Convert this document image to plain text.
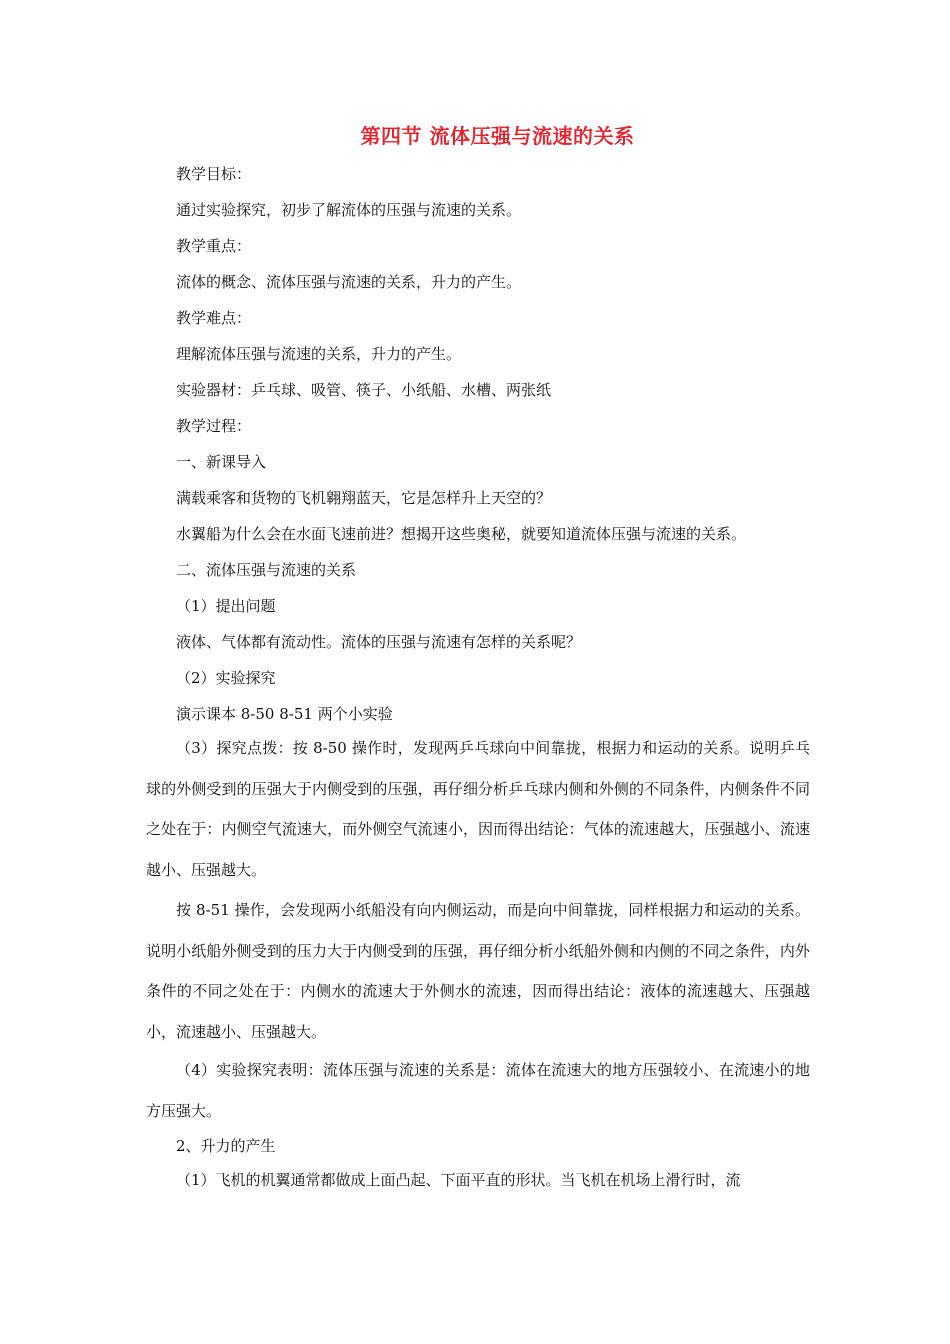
第四节 流体压强与流速的关系
教学目标：
通过实验探究，初步了解流体的压强与流速的关系。
教学重点：
流体的概念、流体压强与流速的关系，升力的产生。
教学难点：
理解流体压强与流速的关系，升力的产生。
实验器材：乒乓球、吸管、筷子、小纸船、水槽、两张纸
教学过程：
一、新课导入
满载乘客和货物的飞机翱翔蓝天，它是怎样升上天空的？
水翼船为什么会在水面飞速前进？想揭开这些奥秘，就要知道流体压强与流速的关系。
二、流体压强与流速的关系
（1）提出问题
液体、气体都有流动性。流体的压强与流速有怎样的关系呢？
（2）实验探究
演示课本 8-50 8-51 两个小实验

（3）探究点拨：按 8-50 操作时，发现两乒乓球向中间靠拢，根据力和运动的关系。说明乒乓球的外侧受到的压强大于内侧受到的压强，再仔细分析乒乓球内侧和外侧的不同条件，内侧条件不同之处在于：内侧空气流速大，而外侧空气流速小，因而得出结论：气体的流速越大，压强越小、流速越小、压强越大。

按 8-51 操作，会发现两小纸船没有向内侧运动，而是向中间靠拢，同样根据力和运动的关系。说明小纸船外侧受到的压力大于内侧受到的压强，再仔细分析小纸船外侧和内侧的不同之条件，内外条件的不同之处在于：内侧水的流速大于外侧水的流速，因而得出结论：液体的流速越大、压强越小，流速越小、压强越大。

（4）实验探究表明：流体压强与流速的关系是：流体在流速大的地方压强较小、在流速小的地方压强大。

2、升力的产生

（1）飞机的机翼通常都做成上面凸起、下面平直的形状。当飞机在机场上滑行时，流
